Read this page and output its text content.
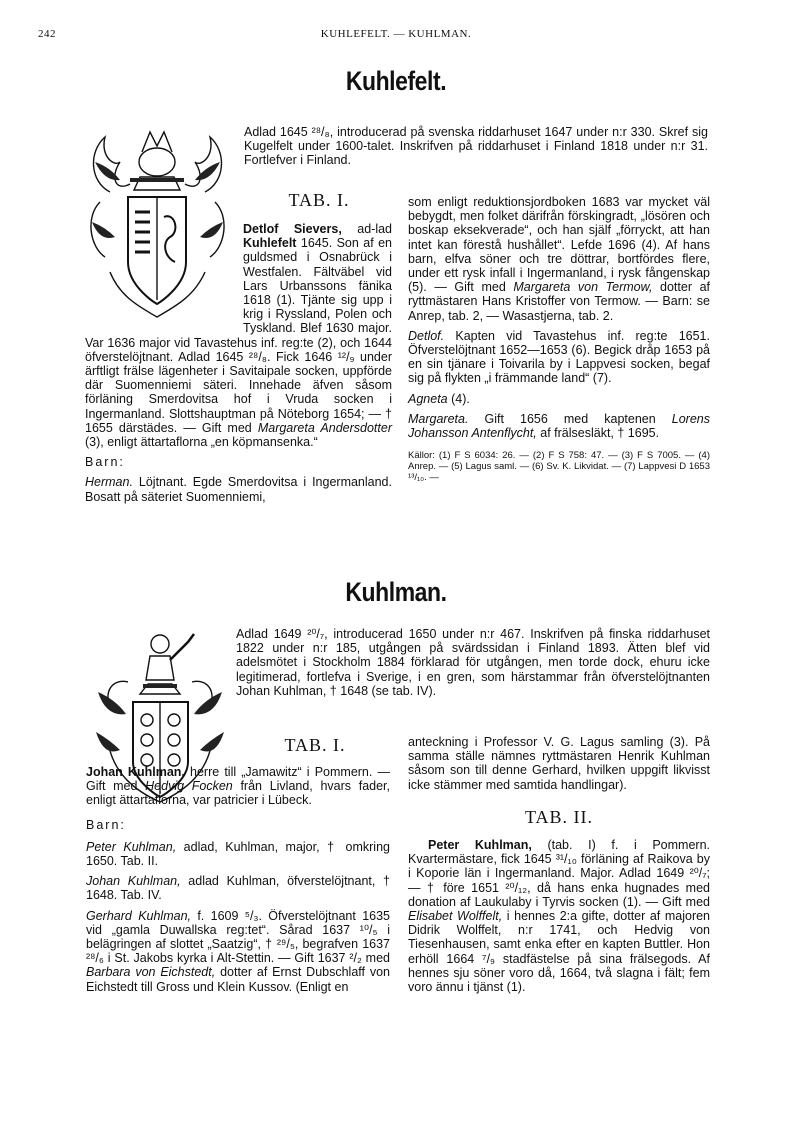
242	KUHLEFELT. — KUHLMAN.
Kuhlefelt.
Adlad 1645 ²⁸/₈, introducerad på svenska riddarhuset 1647 under n:r 330. Skref sig Kugelfelt under 1600-talet. Inskrifven på riddarhuset i Finland 1818 under n:r 31. Fortlefver i Finland.
TAB. I.

Detlof Sievers, ad-lad Kuhlefelt 1645. Son af en guldsmed i Osnabrück i Westfalen. Fältväbel vid Lars Urbanssons fänika 1618 (1). Tjänte sig upp i krig i Ryssland, Polen och Tyskland. Blef 1630 major. Var 1636 major vid Tavastehus inf. reg:te (2), och 1644 öfverstelöjtnant. Adlad 1645 ²⁸/₈. Fick 1646 ¹²/₉ under ärftligt frälse lägenheter i Savitaipale socken, uppförde där Suomenniemi säteri. Innehade äfven såsom förläning Smerdovitsa hof i Vruda socken i Ingermanland. Slottshauptman på Nöteborg 1654; — † 1655 därstädes. — Gift med Margareta Andersdotter (3), enligt ättartaflorna „en köpmansenka.“

Barn:

Herman. Löjtnant. Egde Smerdovitsa i Ingermanland. Bosatt på säteriet Suomenniemi,

som enligt reduktionsjordboken 1683 var mycket väl bebygdt, men folket därifrån förskingradt, „lösören och boskap eksekverade“, och han själf „förryckt, att han intet kan förestå hushållet“. Lefde 1696 (4). Af hans barn, elfva söner och tre döttrar, bortfördes flere, under ett rysk infall i Ingermanland, i rysk fångenskap (5). — Gift med Margareta von Termow, dotter af ryttmästaren Hans Kristoffer von Termow. — Barn: se Anrep, tab. 2, — Wasastjerna, tab. 2.

Detlof. Kapten vid Tavastehus inf. reg:te 1651. Öfverstelöjtnant 1652—1653 (6). Begick dråp 1653 på en sin tjänare i Toivarila by i Lappvesi socken, begaf sig på flykten „i främmande land“ (7).

Agneta (4).

Margareta. Gift 1656 med kaptenen Lorens Johansson Antenflycht, af frälsesläkt, † 1695.

Källor: (1) F S 6034: 26. — (2) F S 758: 47. — (3) F S 7005. — (4) Anrep. — (5) Lagus saml. — (6) Sv. K. Likvidat. — (7) Lappvesi D 1653 ¹³/₁₀. —

Kuhlman.
Adlad 1649 ²⁰/₇, introducerad 1650 under n:r 467. Inskrifven på finska riddarhuset 1822 under n:r 185, utgången på svärdssidan i Finland 1893. Ätten blef vid adelsmötet i Stockholm 1884 förklarad för utgången, men torde dock, ehuru icke legitimerad, fortlefva i Sverige, i en gren, som härstammar från öfverstelöjtnanten Johan Kuhlman, † 1648 (se tab. IV).
TAB. I.

Johan Kuhlman, herre till „Jamawitz“ i Pommern. — Gift med Hedvig Focken från Livland, hvars fader, enligt ättartaflorna, var patricier i Lübeck.

Barn:

Peter Kuhlman, adlad, Kuhlman, major, † omkring 1650. Tab. II.

Johan Kuhlman, adlad Kuhlman, öfverstelöjtnant, † 1648. Tab. IV.

Gerhard Kuhlman, f. 1609 ⁵/₃. Öfverstelöjtnant 1635 vid „gamla Duwallska reg:tet“. Sårad 1637 ¹⁰/₅ i belägringen af slottet „Saatzig“, † ²⁹/₅, begrafven 1637 ²⁸/₆ i St. Jakobs kyrka i Alt-Stettin. — Gift 1637 ²/₂ med Barbara von Eichstedt, dotter af Ernst Dubschlaff von Eichstedt till Gross und Klein Kussov. (Enligt en

anteckning i Professor V. G. Lagus samling (3). På samma ställe nämnes ryttmästaren Henrik Kuhlman såsom son till denne Gerhard, hvilken uppgift likvisst icke stämmer med samtida handlingar).

TAB. II.

Peter Kuhlman, (tab. I) f. i Pommern. Kvartermästare, fick 1645 ³¹/₁₀ förläning af Raikova by i Koporie län i Ingermanland. Major. Adlad 1649 ²⁰/₇; — † före 1651 ²⁰/₁₂, då hans enka hugnades med donation af Laukulaby i Tyrvis socken (1). — Gift med Elisabet Wolffelt, i hennes 2:a gifte, dotter af majoren Didrik Wolffelt, n:r 1741, och Hedvig von Tiesenhausen, samt enka efter en kapten Buttler. Hon erhöll 1664 ⁷/₉ stadfästelse på sina frälsegods. Af hennes sju söner voro då, 1664, två slagna i fält; fem voro ännu i tjänst (1).
